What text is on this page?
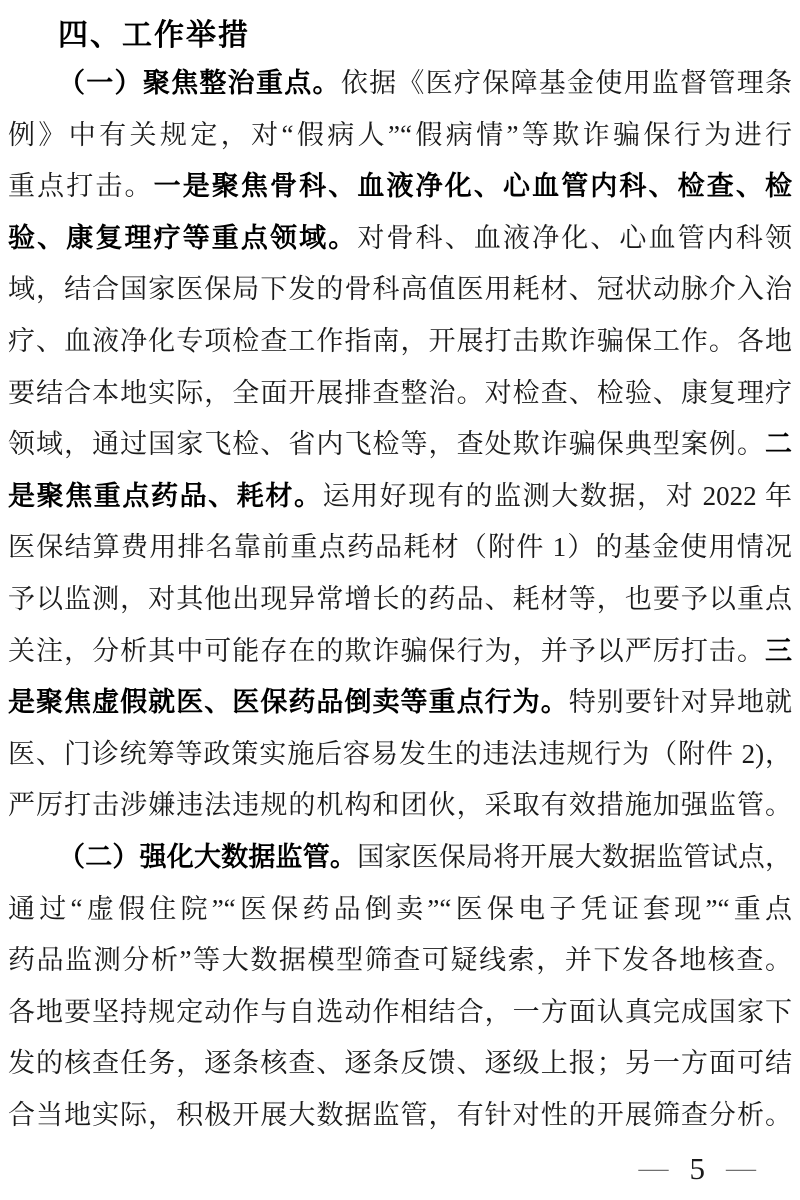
四、工作举措
（一）聚焦整治重点。依据《医疗保障基金使用监督管理条
例》中有关规定，对“假病人”“假病情”等欺诈骗保行为进行
重点打击。一是聚焦骨科、血液净化、心血管内科、检查、检
验、康复理疗等重点领域。对骨科、血液净化、心血管内科领
域，结合国家医保局下发的骨科高值医用耗材、冠状动脉介入治
疗、血液净化专项检查工作指南，开展打击欺诈骗保工作。各地
要结合本地实际，全面开展排查整治。对检查、检验、康复理疗
领域，通过国家飞检、省内飞检等，查处欺诈骗保典型案例。二
是聚焦重点药品、耗材。运用好现有的监测大数据，对 2022 年
医保结算费用排名靠前重点药品耗材（附件 1）的基金使用情况
予以监测，对其他出现异常增长的药品、耗材等，也要予以重点
关注，分析其中可能存在的欺诈骗保行为，并予以严厉打击。三
是聚焦虚假就医、医保药品倒卖等重点行为。特别要针对异地就
医、门诊统筹等政策实施后容易发生的违法违规行为（附件 2)，
严厉打击涉嫌违法违规的机构和团伙，采取有效措施加强监管。
（二）强化大数据监管。国家医保局将开展大数据监管试点，
通过“虚假住院”“医保药品倒卖”“医保电子凭证套现”“重点
药品监测分析”等大数据模型筛查可疑线索，并下发各地核查。
各地要坚持规定动作与自选动作相结合，一方面认真完成国家下
发的核查任务，逐条核查、逐条反馈、逐级上报；另一方面可结
合当地实际，积极开展大数据监管，有针对性的开展筛查分析。
— 5 —
